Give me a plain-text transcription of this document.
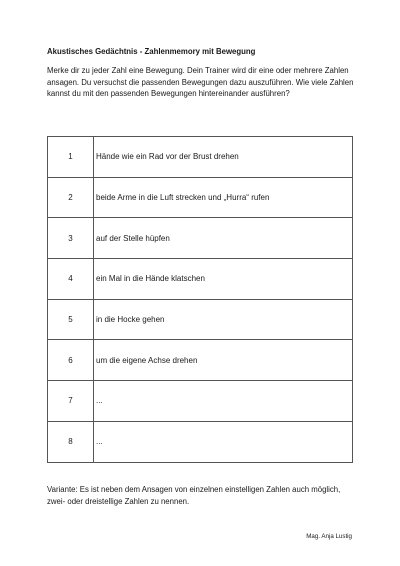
Akustisches Gedächtnis - Zahlenmemory mit Bewegung
Merke dir zu jeder Zahl eine Bewegung. Dein Trainer wird dir eine oder mehrere Zahlen ansagen. Du versuchst die passenden Bewegungen dazu auszuführen. Wie viele Zahlen kannst du mit den passenden Bewegungen hintereinander ausführen?
1	Hände wie ein Rad vor der Brust drehen
2	beide Arme in die Luft strecken und „Hurra“ rufen
3	auf der Stelle hüpfen
4	ein Mal in die Hände klatschen
5	in die Hocke gehen
6	um die eigene Achse drehen
7	...
8	...
Variante: Es ist neben dem Ansagen von einzelnen einstelligen Zahlen auch möglich, zwei- oder dreistellige Zahlen zu nennen.
Mag. Anja Lustig
